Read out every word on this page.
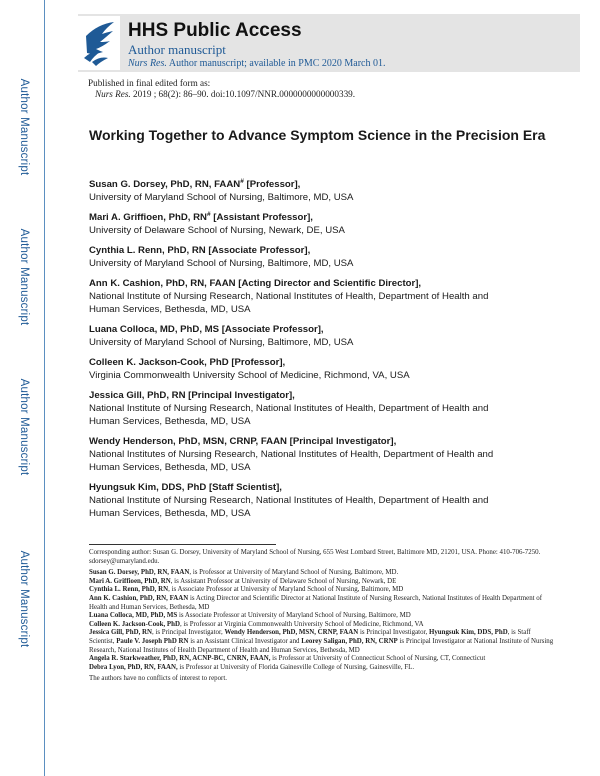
Author Manuscript
Author Manuscript
Author Manuscript
Author Manuscript
HHS Public Access
Author manuscript
Nurs Res. Author manuscript; available in PMC 2020 March 01.
Published in final edited form as:
Nurs Res. 2019 ; 68(2): 86–90. doi:10.1097/NNR.0000000000000339.
Working Together to Advance Symptom Science in the Precision Era
Susan G. Dorsey, PhD, RN, FAAN# [Professor],
University of Maryland School of Nursing, Baltimore, MD, USA
Mari A. Griffioen, PhD, RN# [Assistant Professor],
University of Delaware School of Nursing, Newark, DE, USA
Cynthia L. Renn, PhD, RN [Associate Professor],
University of Maryland School of Nursing, Baltimore, MD, USA
Ann K. Cashion, PhD, RN, FAAN [Acting Director and Scientific Director],
National Institute of Nursing Research, National Institutes of Health, Department of Health and
Human Services, Bethesda, MD, USA
Luana Colloca, MD, PhD, MS [Associate Professor],
University of Maryland School of Nursing, Baltimore, MD, USA
Colleen K. Jackson-Cook, PhD [Professor],
Virginia Commonwealth University School of Medicine, Richmond, VA, USA
Jessica Gill, PhD, RN [Principal Investigator],
National Institute of Nursing Research, National Institutes of Health, Department of Health and
Human Services, Bethesda, MD, USA
Wendy Henderson, PhD, MSN, CRNP, FAAN [Principal Investigator],
National Institutes of Nursing Research, National Institutes of Health, Department of Health and
Human Services, Bethesda, MD, USA
Hyungsuk Kim, DDS, PhD [Staff Scientist],
National Institute of Nursing Research, National Institutes of Health, Department of Health and
Human Services, Bethesda, MD, USA

Corresponding author: Susan G. Dorsey, University of Maryland School of Nursing, 655 West Lombard Street, Baltimore MD, 21201, USA. Phone: 410-706-7250. sdorsey@umaryland.edu.

Susan G. Dorsey, PhD, RN, FAAN, is Professor at University of Maryland School of Nursing, Baltimore, MD.

Mari A. Griffioen, PhD, RN, is Assistant Professor at University of Delaware School of Nursing, Newark, DE

Cynthia L. Renn, PhD, RN, is Associate Professor at University of Maryland School of Nursing, Baltimore, MD

Ann K. Cashion, PhD, RN, FAAN is Acting Director and Scientific Director at National Institute of Nursing Research, National Institutes of Health Department of Health and Human Services, Bethesda, MD

Luana Colloca, MD, PhD, MS is Associate Professor at University of Maryland School of Nursing, Baltimore, MD

Colleen K. Jackson-Cook, PhD, is Professor at Virginia Commonwealth University School of Medicine, Richmond, VA

Jessica Gill, PhD, RN, is Principal Investigator, Wendy Henderson, PhD, MSN, CRNP, FAAN is Principal Investigator, Hyungsuk Kim, DDS, PhD, is Staff Scientist, Paule V. Joseph PhD RN is an Assistant Clinical Investigator and Leorey Saligan, PhD, RN, CRNP is Principal Investigator at National Institute of Nursing Research, National Institutes of Health Department of Health and Human Services, Bethesda, MD

Angela R. Starkweather, PhD, RN, ACNP-BC, CNRN, FAAN, is Professor at University of Connecticut School of Nursing, CT, Connecticut

Debra Lyon, PhD, RN, FAAN, is Professor at University of Florida Gainesville College of Nursing, Gainesville, FL.

The authors have no conflicts of interest to report.
